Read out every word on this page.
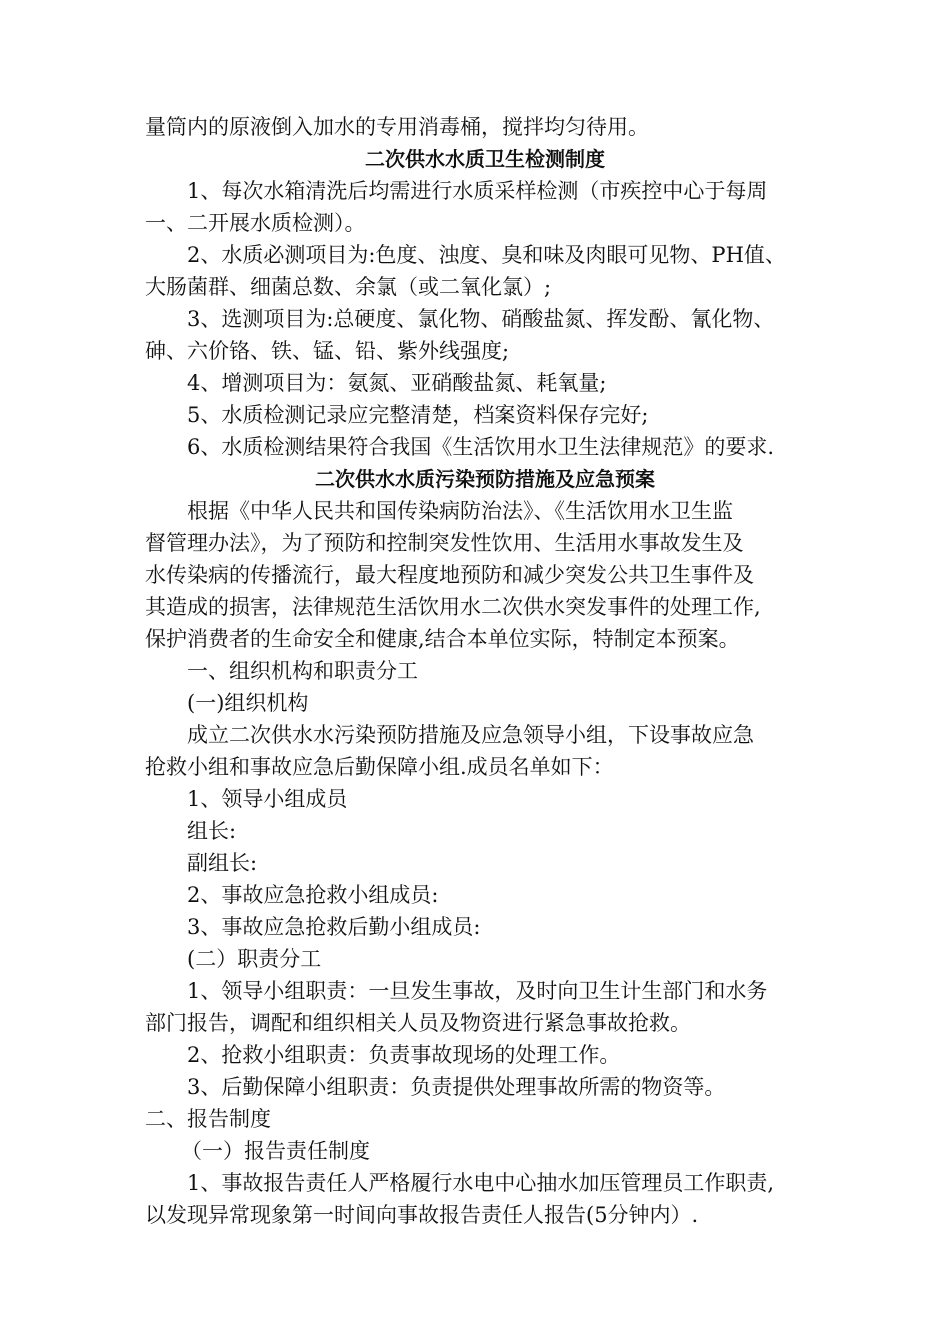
量筒内的原液倒入加水的专用消毒桶，搅拌均匀待用。
二次供水水质卫生检测制度
1、每次水箱清洗后均需进行水质采样检测（市疾控中心于每周
一、二开展水质检测）。
2、水质必测项目为:色度、浊度、臭和味及肉眼可见物、PH值、
大肠菌群、细菌总数、余氯（或二氧化氯）;
3、选测项目为:总硬度、氯化物、硝酸盐氮、挥发酚、氰化物、
砷、六价铬、铁、锰、铅、紫外线强度;
4、增测项目为：氨氮、亚硝酸盐氮、耗氧量;
5、水质检测记录应完整清楚，档案资料保存完好;
6、水质检测结果符合我国《生活饮用水卫生法律规范》的要求.
二次供水水质污染预防措施及应急预案
根据《中华人民共和国传染病防治法》、《生活饮用水卫生监
督管理办法》，为了预防和控制突发性饮用、生活用水事故发生及
水传染病的传播流行，最大程度地预防和减少突发公共卫生事件及
其造成的损害，法律规范生活饮用水二次供水突发事件的处理工作,
保护消费者的生命安全和健康,结合本单位实际，特制定本预案。
一、组织机构和职责分工
(一)组织机构
成立二次供水水污染预防措施及应急领导小组，下设事故应急
抢救小组和事故应急后勤保障小组.成员名单如下：
1、领导小组成员
组长:
副组长:
2、事故应急抢救小组成员:
3、事故应急抢救后勤小组成员:
(二）职责分工
1、领导小组职责：一旦发生事故，及时向卫生计生部门和水务
部门报告，调配和组织相关人员及物资进行紧急事故抢救。
2、抢救小组职责：负责事故现场的处理工作。
3、后勤保障小组职责：负责提供处理事故所需的物资等。
二、报告制度
（一）报告责任制度
1、事故报告责任人严格履行水电中心抽水加压管理员工作职责,
以发现异常现象第一时间向事故报告责任人报告(5分钟内）.
